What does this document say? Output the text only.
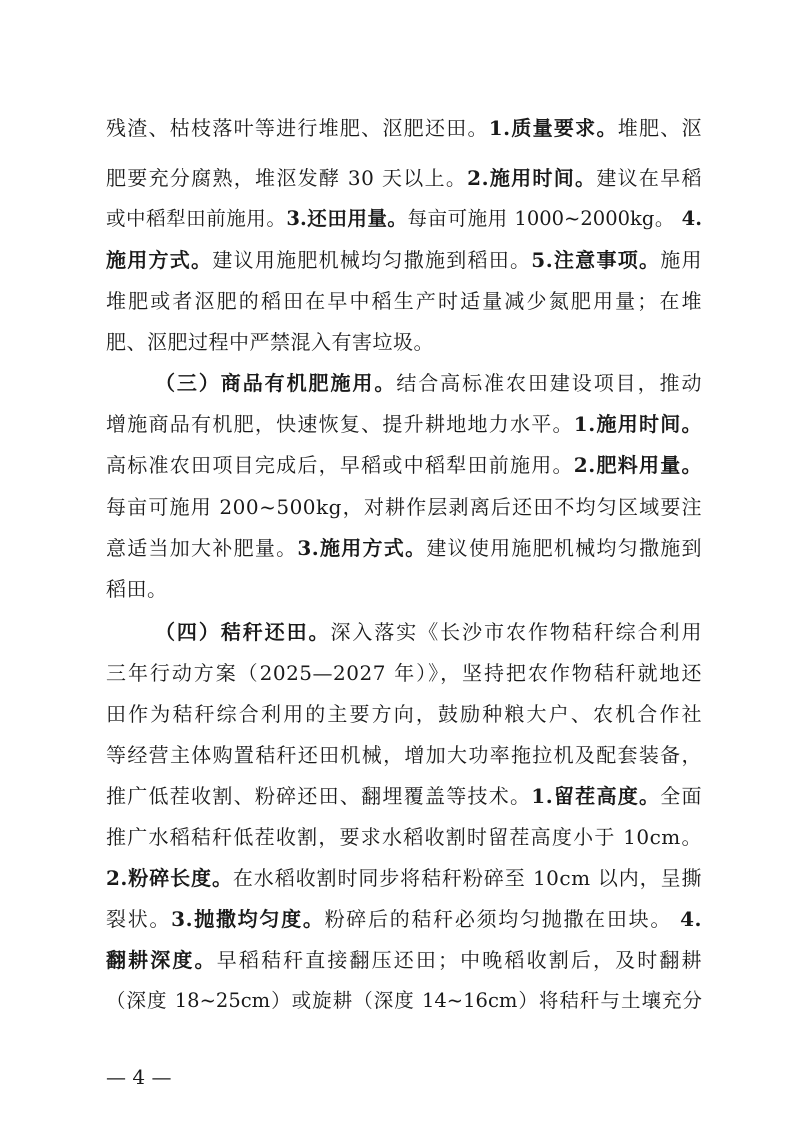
残渣、枯枝落叶等进行堆肥、沤肥还田。1.质量要求。堆肥、沤
肥要充分腐熟，堆沤发酵 30 天以上。2.施用时间。建议在早稻
或中稻犁田前施用。3.还田用量。每亩可施用 1000~2000kg。 4.
施用方式。建议用施肥机械均匀撒施到稻田。5.注意事项。施用
堆肥或者沤肥的稻田在早中稻生产时适量减少氮肥用量；在堆
肥、沤肥过程中严禁混入有害垃圾。
（三）商品有机肥施用。结合高标准农田建设项目，推动
增施商品有机肥，快速恢复、提升耕地地力水平。1.施用时间。
高标准农田项目完成后，早稻或中稻犁田前施用。2.肥料用量。
每亩可施用 200~500kg，对耕作层剥离后还田不均匀区域要注
意适当加大补肥量。3.施用方式。建议使用施肥机械均匀撒施到
稻田。
（四）秸秆还田。深入落实《长沙市农作物秸秆综合利用
三年行动方案（2025—2027 年）》，坚持把农作物秸秆就地还
田作为秸秆综合利用的主要方向，鼓励种粮大户、农机合作社
等经营主体购置秸秆还田机械，增加大功率拖拉机及配套装备，
推广低茬收割、粉碎还田、翻埋覆盖等技术。1.留茬高度。全面
推广水稻秸秆低茬收割，要求水稻收割时留茬高度小于 10cm。
2.粉碎长度。在水稻收割时同步将秸秆粉碎至 10cm 以内，呈撕
裂状。3.抛撒均匀度。粉碎后的秸秆必须均匀抛撒在田块。 4.
翻耕深度。早稻秸秆直接翻压还田；中晚稻收割后，及时翻耕
（深度 18~25cm）或旋耕（深度 14~16cm）将秸秆与土壤充分
— 4 —
